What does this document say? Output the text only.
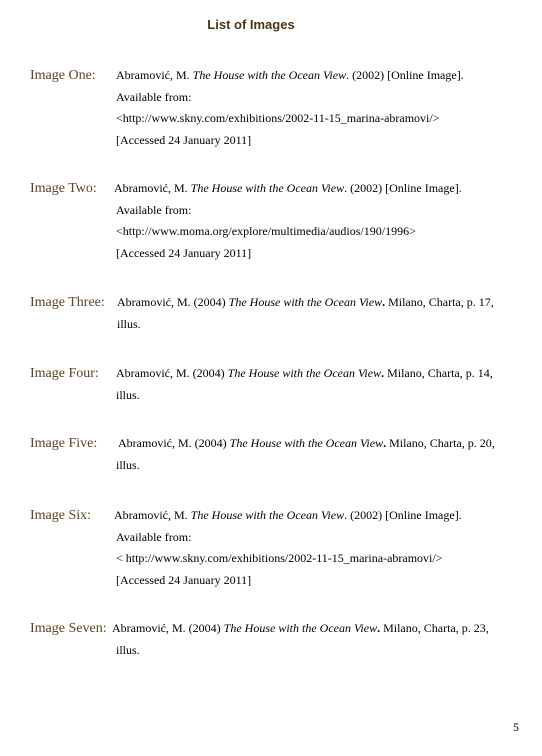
List of Images
Image One: Abramović, M. The House with the Ocean View. (2002) [Online Image].
Available from:
<http://www.skny.com/exhibitions/2002-11-15_marina-abramovi/>
[Accessed 24 January 2011]
Image Two: Abramović, M. The House with the Ocean View. (2002) [Online Image].
Available from:
<http://www.moma.org/explore/multimedia/audios/190/1996>
[Accessed 24 January 2011]
Image Three: Abramović, M. (2004) The House with the Ocean View. Milano, Charta, p. 17,
illus.
Image Four: Abramović, M. (2004) The House with the Ocean View. Milano, Charta, p. 14,
illus.
Image Five: Abramović, M. (2004) The House with the Ocean View. Milano, Charta, p. 20,
illus.
Image Six: Abramović, M. The House with the Ocean View. (2002) [Online Image].
Available from:
< http://www.skny.com/exhibitions/2002-11-15_marina-abramovi/>
[Accessed 24 January 2011]
Image Seven: Abramović, M. (2004) The House with the Ocean View. Milano, Charta, p. 23,
illus.
5
